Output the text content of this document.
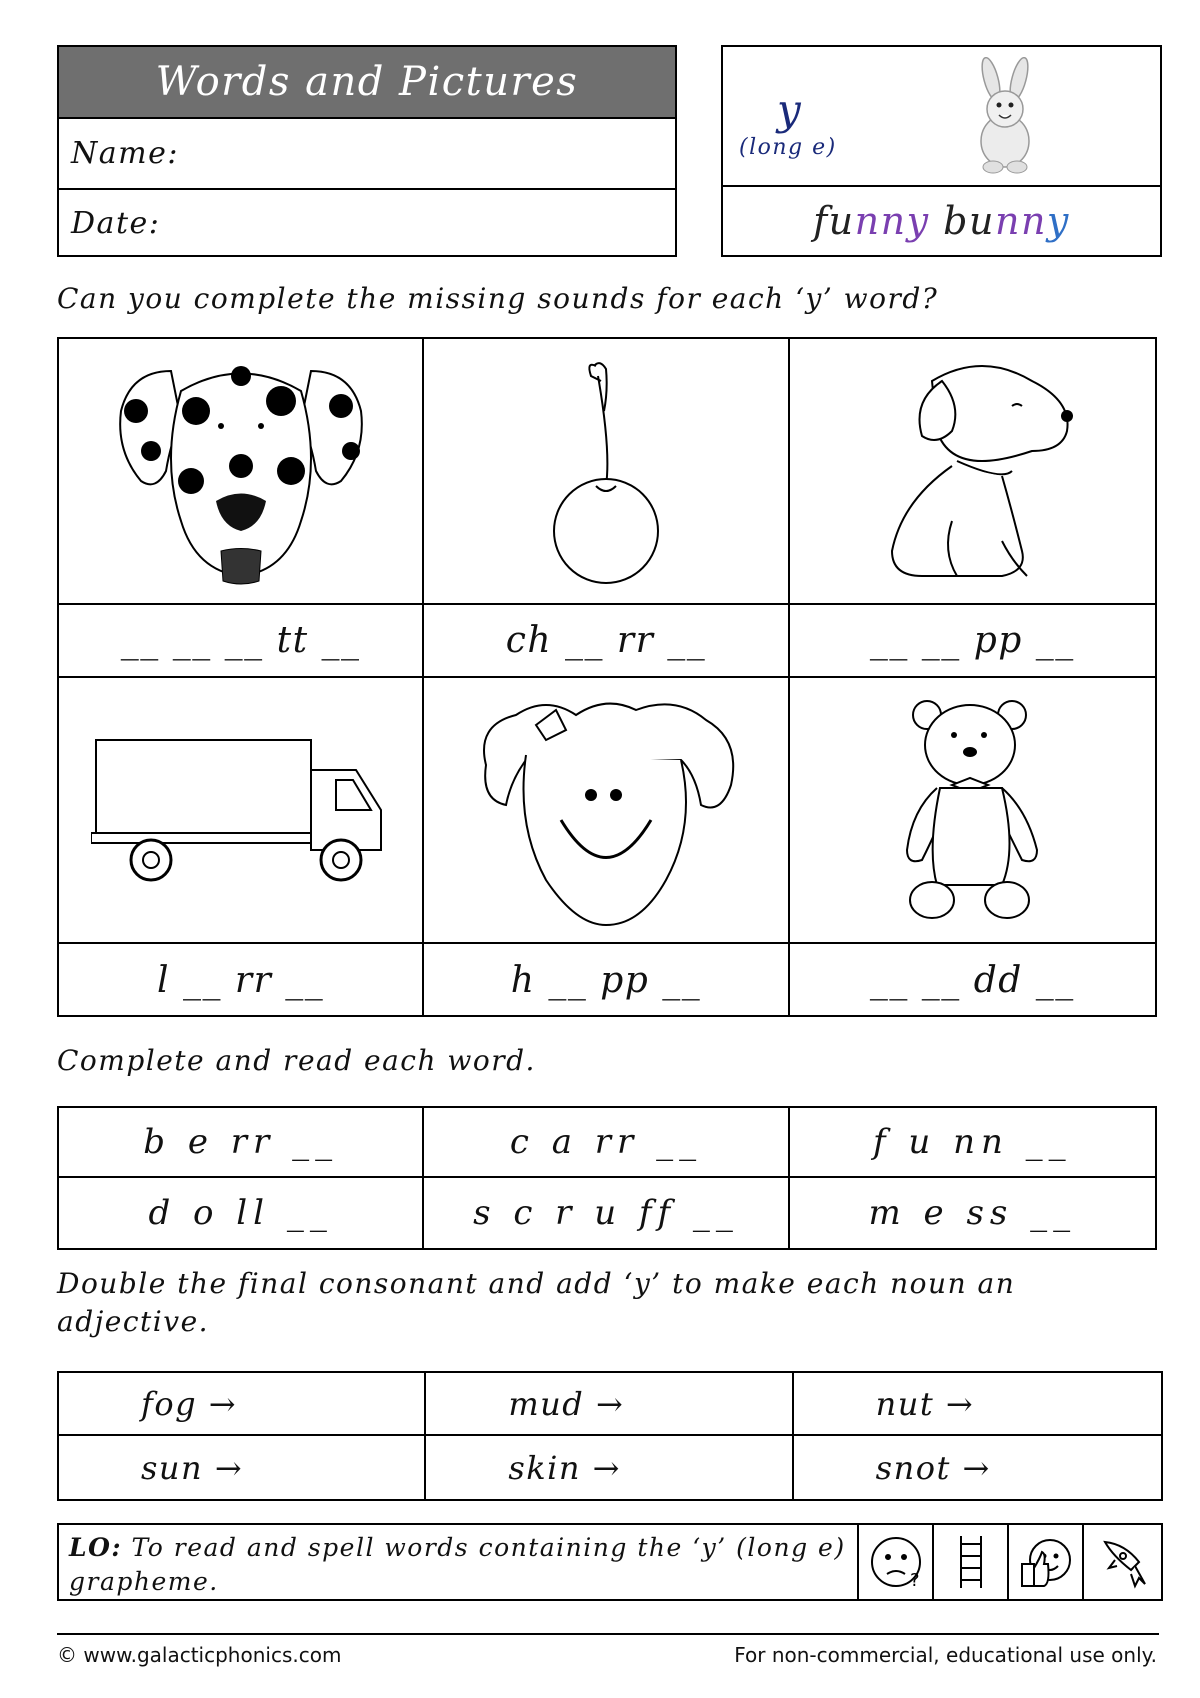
Words and Pictures
Name:
Date:
y
(long e)
fu nny bu nn y
Can you complete the missing sounds for each ‘y’ word?
__ __ __ tt __	ch __ rr __	__ __ pp __
l __ rr __	h __ pp __	__ __ dd __
Complete and read each word.
b e rr __	c a rr __	f u nn __
d o ll __	s c r u ff __	m e ss __
Double the final consonant and add ‘y’ to make each noun an adjective.
fog →	mud →	nut →
sun →	skin →	snot →
LO: To read and spell words containing the ‘y’ (long e) grapheme.	?
© www.galacticphonics.com	For non-commercial, educational use only.
